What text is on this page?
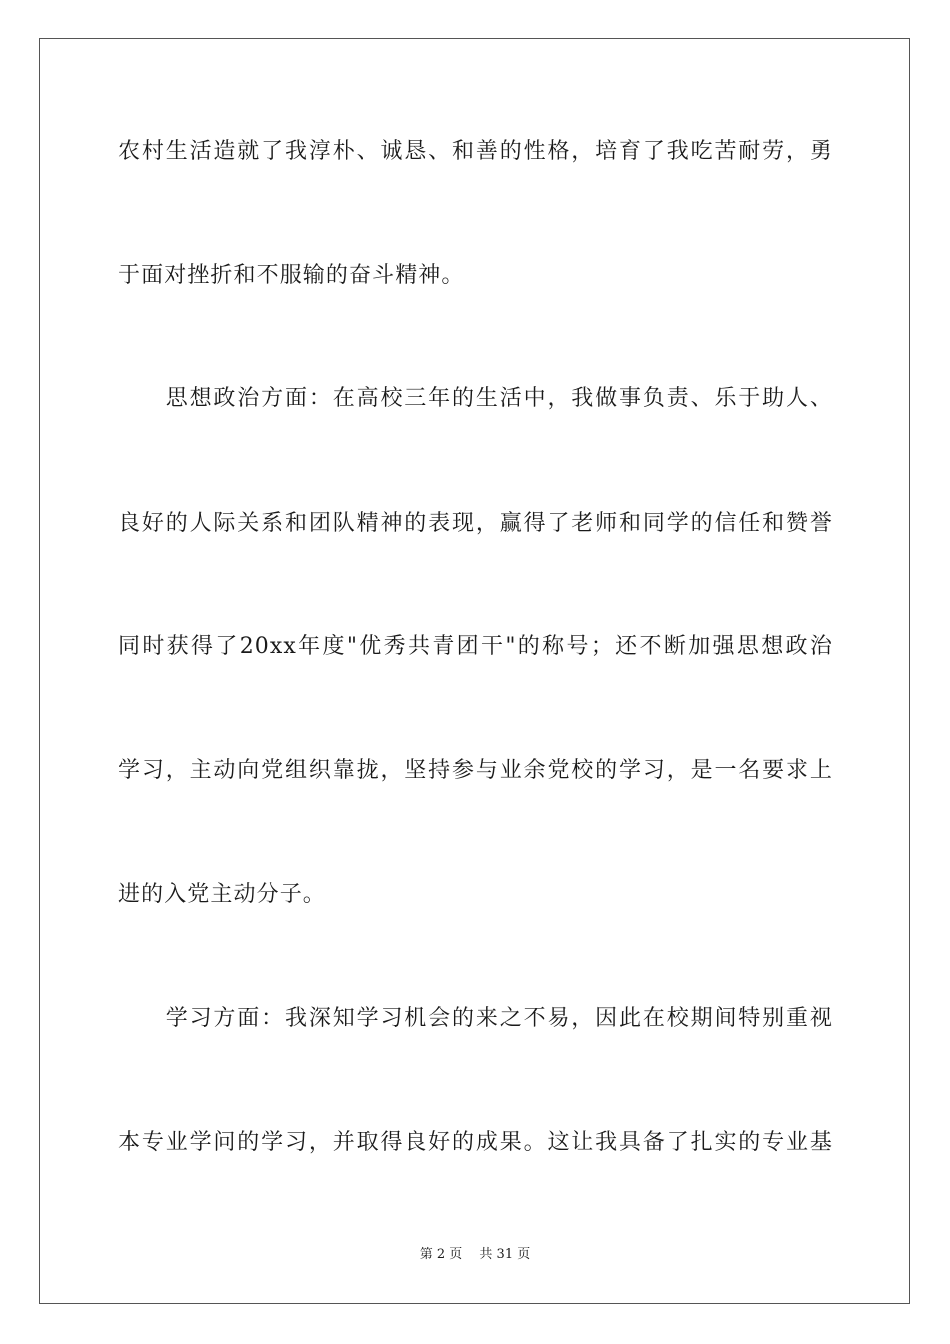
农村生活造就了我淳朴、诚恳、和善的性格，培育了我吃苦耐劳，勇
于面对挫折和不服输的奋斗精神。
　　思想政治方面：在高校三年的生活中，我做事负责、乐于助人、
良好的人际关系和团队精神的表现，赢得了老师和同学的信任和赞誉
同时获得了20xx年度"优秀共青团干"的称号；还不断加强思想政治
学习，主动向党组织靠拢，坚持参与业余党校的学习，是一名要求上
进的入党主动分子。
　　学习方面：我深知学习机会的来之不易，因此在校期间特别重视
本专业学问的学习，并取得良好的成果。这让我具备了扎实的专业基
第 2 页　 共 31 页
